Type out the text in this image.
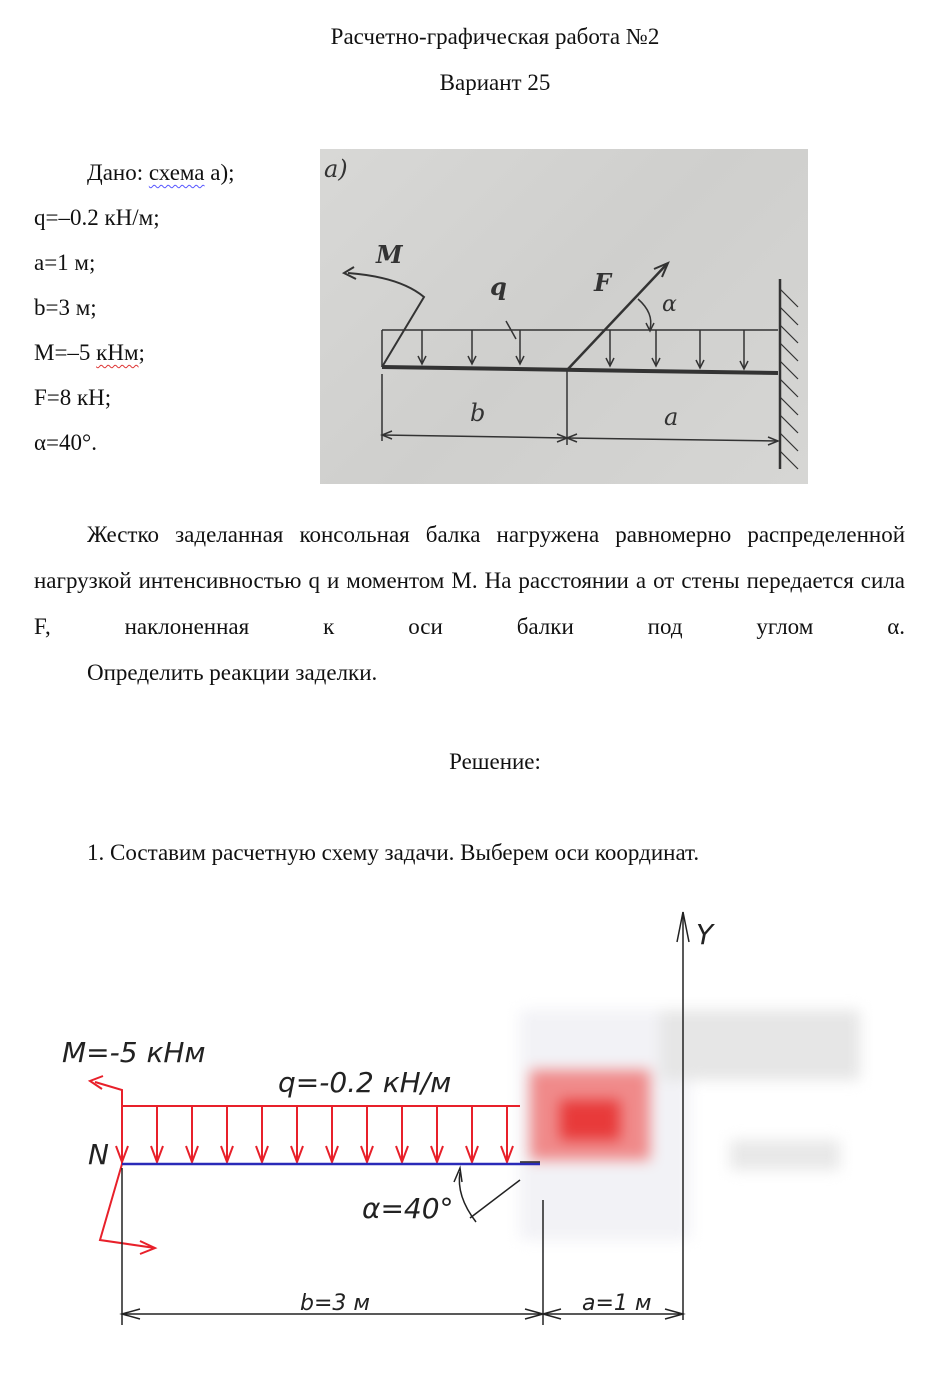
Расчетно-графическая работа №2
Вариант 25
Дано: схема а);
q=–0.2 кН/м;
a=1 м;
b=3 м;
M=–5 кНм;
F=8 кН;
α=40°.
а)
M
q	F
α
b	a
Жестко заделанная консольная балка нагружена равномерно распределенной нагрузкой интенсивностью q и моментом M. На расстоянии a от стены передается сила F, наклоненная к оси балки под углом α.
Определить реакции заделки.
Решение:
1. Составим расчетную схему задачи. Выберем оси координат.
Y
M=-5 кНм
q=-0.2 кН/м
N
α=40°
b=3 м	a=1 м
